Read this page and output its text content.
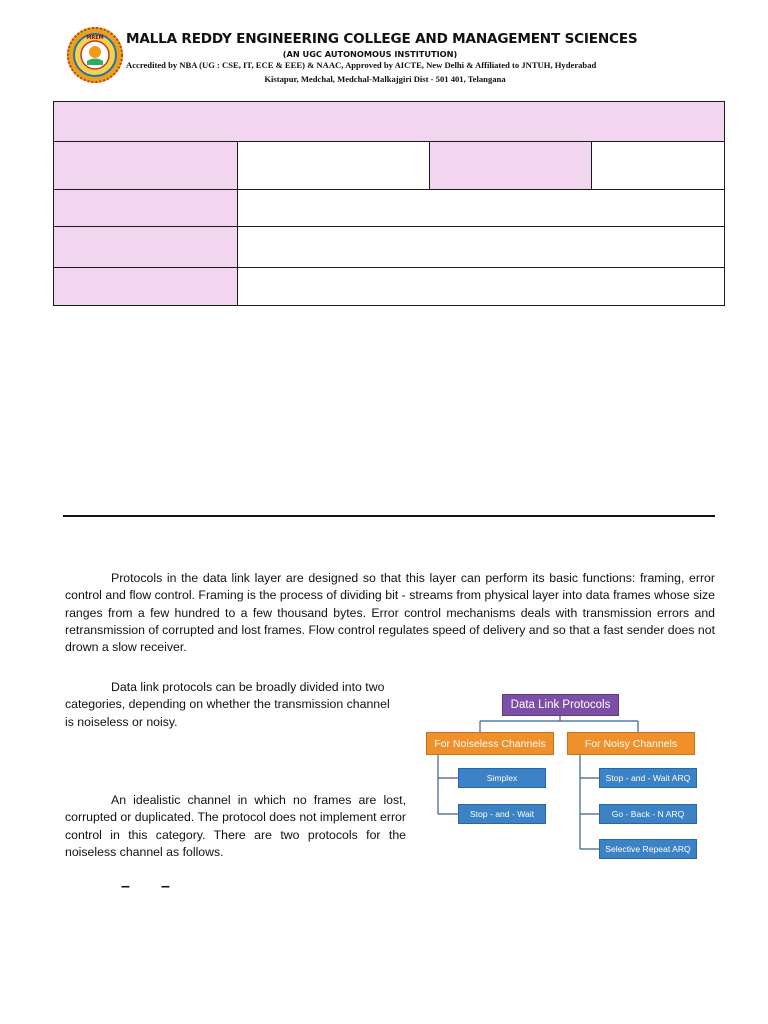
MREM MALLA REDDY ENGINEERING COLLEGE AND MANAGEMENT SCIENCES
(AN UGC AUTONOMOUS INSTITUTION)
Accredited by NBA (UG : CSE, IT, ECE & EEE) & NAAC, Approved by AICTE, New Delhi & Affiliated to JNTUH, Hyderabad
Kistapur, Medchal, Medchal-Malkajgiri Dist - 501 401, Telangana
Protocols in the data link layer are designed so that this layer can perform its basic functions: framing, error control and flow control. Framing is the process of dividing bit - streams from physical layer into data frames whose size ranges from a few hundred to a few thousand bytes. Error control mechanisms deals with transmission errors and retransmission of corrupted and lost frames. Flow control regulates speed of delivery and so that a fast sender does not drown a slow receiver.
Data link protocols can be broadly divided into two categories, depending on whether the transmission channel is noiseless or noisy.
An idealistic channel in which no frames are lost, corrupted or duplicated. The protocol does not implement error control in this category. There are two protocols for the noiseless channel as follows.
– –
Data Link Protocols
For Noiseless Channels	For Noisy Channels
Simplex
Stop - and - Wait
Stop - and - Wait ARQ
Go - Back - N ARQ
Selective Repeat ARQ
